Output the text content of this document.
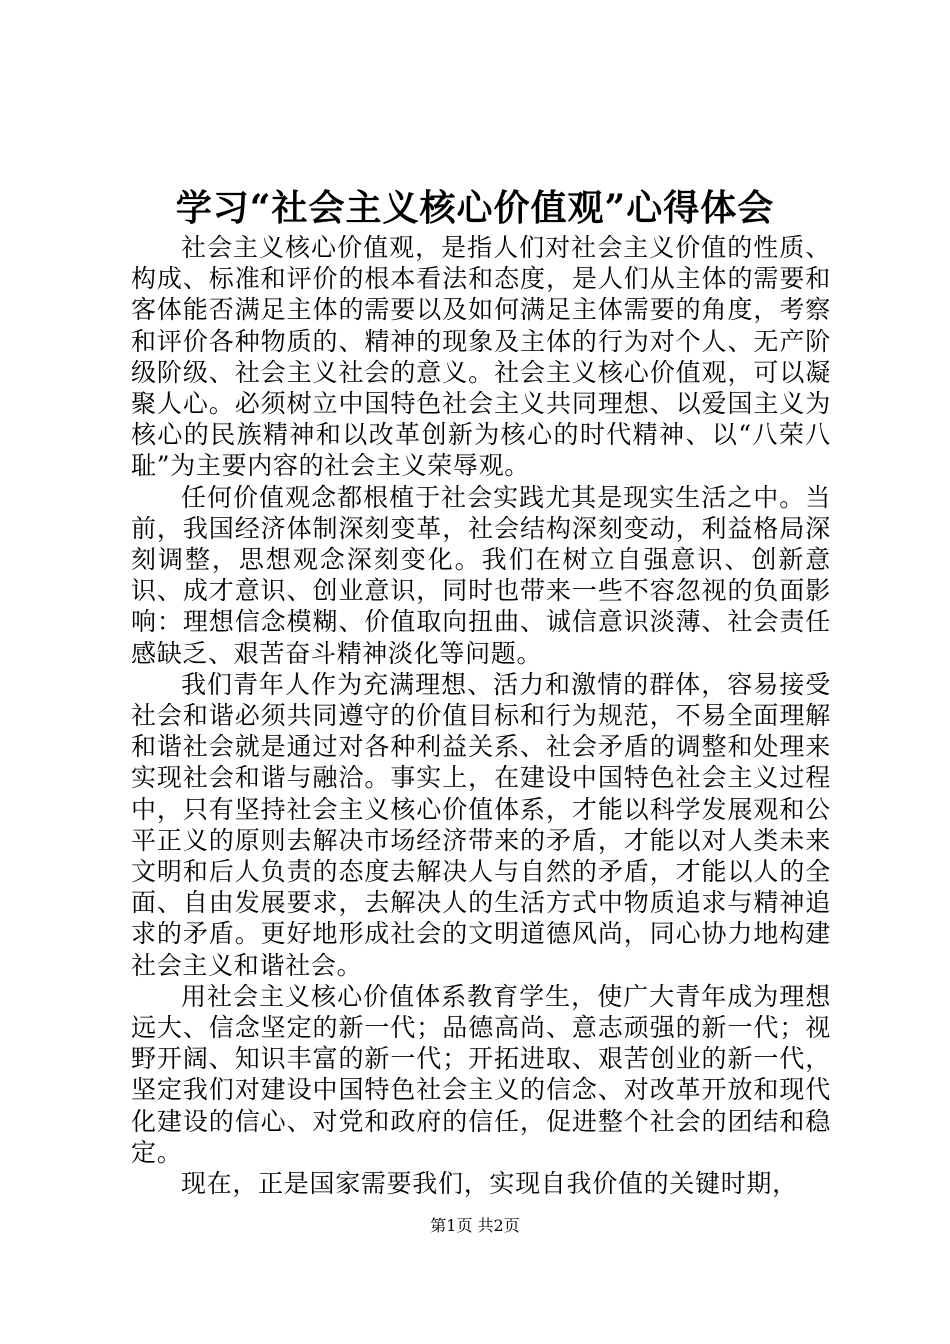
学习“社会主义核心价值观”心得体会

社会主义核心价值观，是指人们对社会主义价值的性质、构成、标准和评价的根本看法和态度，是人们从主体的需要和客体能否满足主体的需要以及如何满足主体需要的角度，考察和评价各种物质的、精神的现象及主体的行为对个人、无产阶级阶级、社会主义社会的意义。社会主义核心价值观，可以凝聚人心。必须树立中国特色社会主义共同理想、以爱国主义为核心的民族精神和以改革创新为核心的时代精神、以“八荣八耻”为主要内容的社会主义荣辱观。

任何价值观念都根植于社会实践尤其是现实生活之中。当前，我国经济体制深刻变革，社会结构深刻变动，利益格局深刻调整，思想观念深刻变化。我们在树立自强意识、创新意识、成才意识、创业意识，同时也带来一些不容忽视的负面影响：理想信念模糊、价值取向扭曲、诚信意识淡薄、社会责任感缺乏、艰苦奋斗精神淡化等问题。

我们青年人作为充满理想、活力和激情的群体，容易接受社会和谐必须共同遵守的价值目标和行为规范，不易全面理解和谐社会就是通过对各种利益关系、社会矛盾的调整和处理来实现社会和谐与融洽。事实上，在建设中国特色社会主义过程中，只有坚持社会主义核心价值体系，才能以科学发展观和公平正义的原则去解决市场经济带来的矛盾，才能以对人类未来文明和后人负责的态度去解决人与自然的矛盾，才能以人的全面、自由发展要求，去解决人的生活方式中物质追求与精神追求的矛盾。更好地形成社会的文明道德风尚，同心协力地构建社会主义和谐社会。

用社会主义核心价值体系教育学生，使广大青年成为理想远大、信念坚定的新一代；品德高尚、意志顽强的新一代；视野开阔、知识丰富的新一代；开拓进取、艰苦创业的新一代，坚定我们对建设中国特色社会主义的信念、对改革开放和现代化建设的信心、对党和政府的信任，促进整个社会的团结和稳定。

现在，正是国家需要我们，实现自我价值的关键时期，

第1页 共2页
